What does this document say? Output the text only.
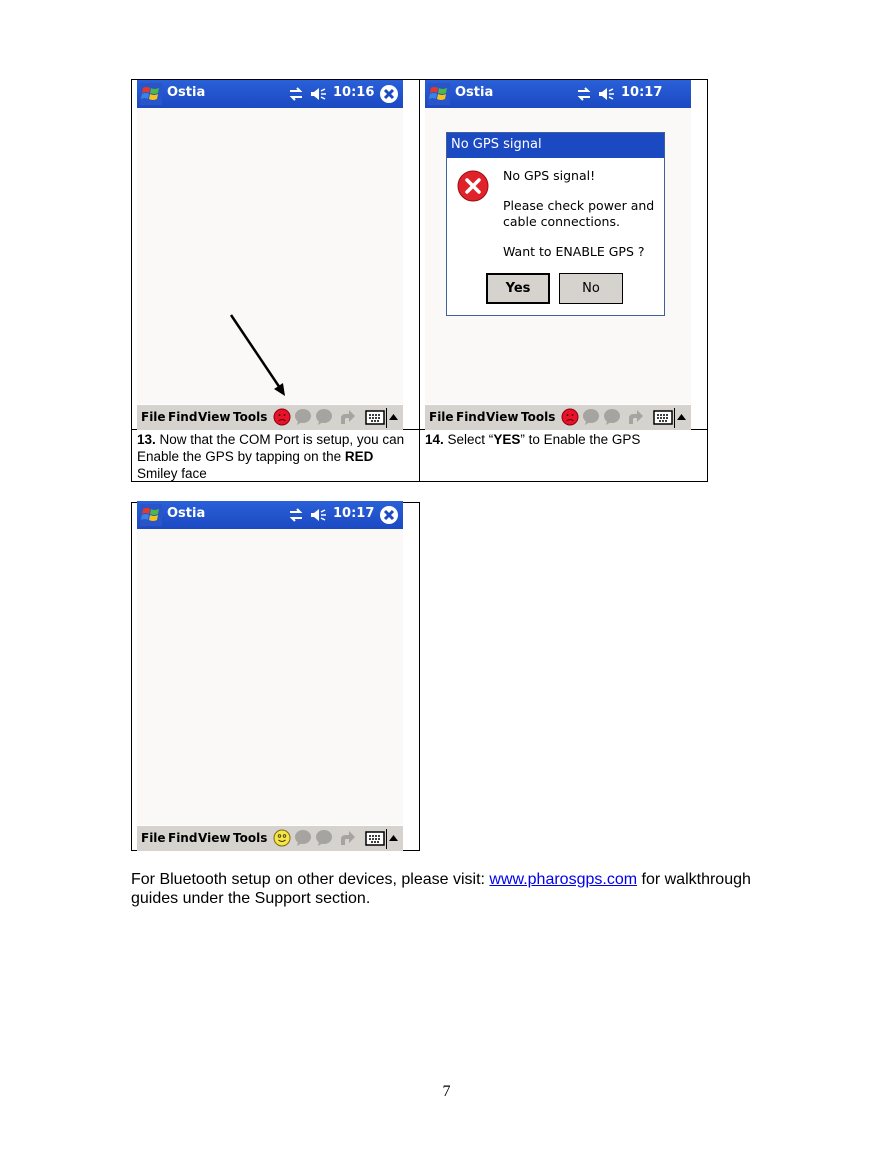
Ostia	10:16
File Find View Tools
Ostia	10:17
No GPS signal
No GPS signal!
Please check power and
cable connections.
Want to ENABLE GPS ?
Yes	No
File Find View Tools
13. Now that the COM Port is setup, you can Enable the GPS by tapping on the RED Smiley face
14. Select “YES” to Enable the GPS
Ostia	10:17
File Find View Tools
For Bluetooth setup on other devices, please visit: www.pharosgps.com for walkthrough guides under the Support section.
7
